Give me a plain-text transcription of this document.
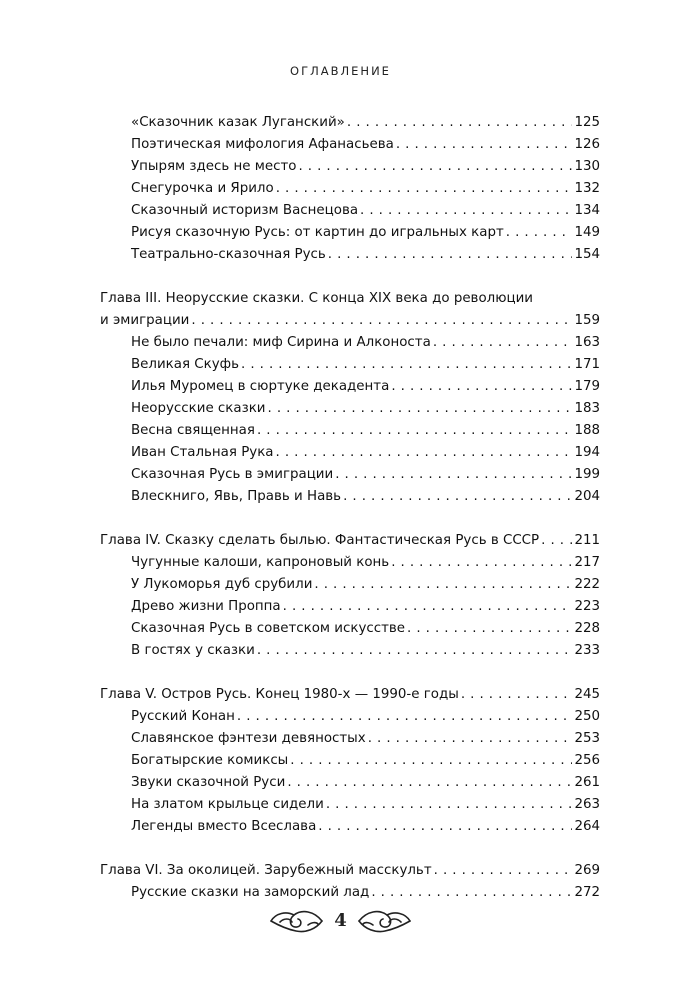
ОГЛАВЛЕНИЕ
«Сказочник казак Луганский» . . .	125
Поэтическая мифология Афанасьева . . .	126
Упырям здесь не место . . .	130
Снегурочка и Ярило . . .	132
Сказочный историзм Васнецова . . .	134
Рисуя сказочную Русь: от картин до игральных карт . . .	149
Театрально-сказочная Русь . . .	154
Глава III. Неорусские сказки. С конца XIX века до революции
и эмиграции . . .	159
Не было печали: миф Сирина и Алконоста . . .	163
Великая Скуфь . . .	171
Илья Муромец в сюртуке декадента . . .	179
Неорусские сказки . . .	183
Весна священная . . .	188
Иван Стальная Рука . . .	194
Сказочная Русь в эмиграции . . .	199
Влескниго, Явь, Правь и Навь . . .	204
Глава IV. Сказку сделать былью. Фантастическая Русь в СССР . . .	211
Чугунные калоши, капроновый конь . . .	217
У Лукоморья дуб срубили . . .	222
Древо жизни Проппа . . .	223
Сказочная Русь в советском искусстве . . .	228
В гостях у сказки . . .	233
Глава V. Остров Русь. Конец 1980-х — 1990-е годы . . .	245
Русский Конан . . .	250
Славянское фэнтези девяностых . . .	253
Богатырские комиксы . . .	256
Звуки сказочной Руси . . .	261
На златом крыльце сидели . . .	263
Легенды вместо Всеслава . . .	264
Глава VI. За околицей. Зарубежный масскульт . . .	269
Русские сказки на заморский лад . . .	272
4
